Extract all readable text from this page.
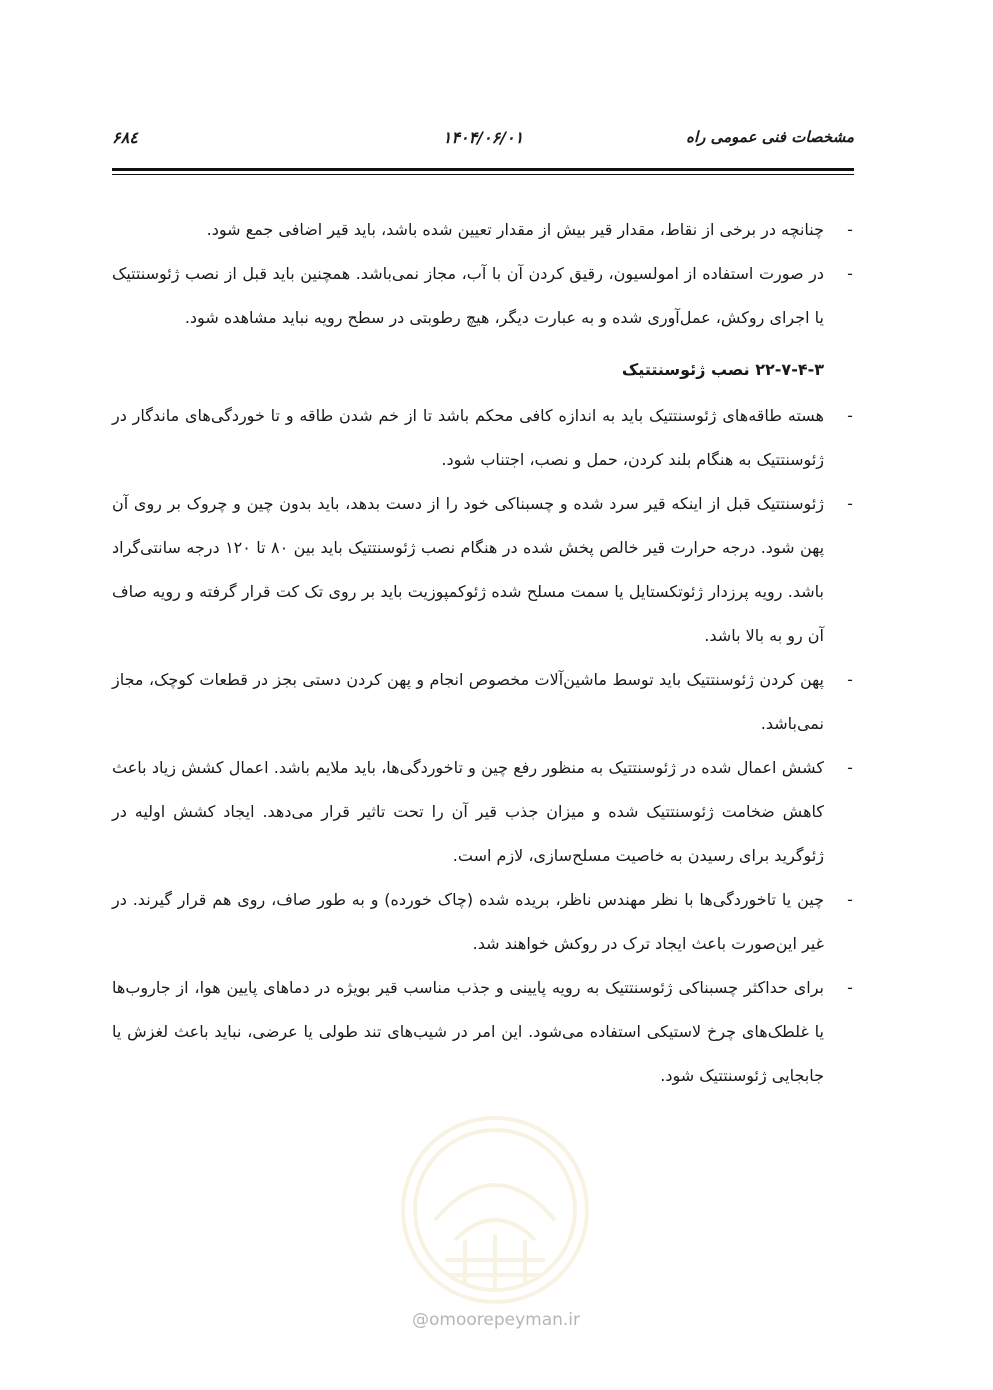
مشخصات فنی عمومی راه
۱۴۰۴/۰۶/۰۱
۶۸٤

-
چنانچه در برخی از نقاط، مقدار قیر بیش از مقدار تعیین شده باشد، باید قیر اضافی جمع شود.

-
در صورت استفاده از امولسیون، رقیق کردن آن با آب، مجاز نمی‌باشد. همچنین باید قبل از نصب ژئوسنتتیک یا اجرای روکش، عمل‌آوری شده و به عبارت دیگر، هیچ رطوبتی در سطح رویه نباید مشاهده شود.

۲۲-۷-۴-۳ نصب ژئوسنتتیک

-
هسته طاقه‌های ژئوسنتتیک باید به اندازه کافی محکم باشد تا از خم شدن طاقه و تا خوردگی‌های ماندگار در ژئوسنتتیک به هنگام بلند کردن، حمل و نصب، اجتناب شود.

-
ژئوسنتتیک قبل از اینکه قیر سرد شده و چسبناکی خود را از دست بدهد، باید بدون چین و چروک بر روی آن پهن شود. درجه حرارت قیر خالص پخش شده در هنگام نصب ژئوسنتتیک باید بین ۸۰ تا ۱۲۰ درجه سانتی‌گراد باشد. رویه پرزدار ژئوتکستایل یا سمت مسلح شده ژئوکمپوزیت باید بر روی تک کت قرار گرفته و رویه صاف آن رو به بالا باشد.

-
پهن کردن ژئوسنتتیک باید توسط ماشین‌آلات مخصوص انجام و پهن کردن دستی بجز در قطعات کوچک، مجاز نمی‌باشد.

-
کشش اعمال شده در ژئوسنتتیک به منظور رفع چین و تاخوردگی‌ها، باید ملایم باشد. اعمال کشش زیاد باعث کاهش ضخامت ژئوسنتتیک شده و میزان جذب قیر آن را تحت تاثیر قرار می‌دهد. ایجاد کشش اولیه در ژئوگرید برای رسیدن به خاصیت مسلح‌سازی، لازم است.

-
چین یا تاخوردگی‌ها با نظر مهندس ناظر، بریده شده (چاک خورده) و به طور صاف، روی هم قرار گیرند. در غیر این‌صورت باعث ایجاد ترک در روکش خواهند شد.

-
برای حداکثر چسبناکی ژئوسنتتیک به رویه پایینی و جذب مناسب قیر بویژه در دماهای پایین هوا، از جاروب‌ها یا غلطک‌های چرخ لاستیکی استفاده می‌شود. این امر در شیب‌های تند طولی یا عرضی، نباید باعث لغزش یا جابجایی ژئوسنتتیک شود.

@omoorepeyman.ir
